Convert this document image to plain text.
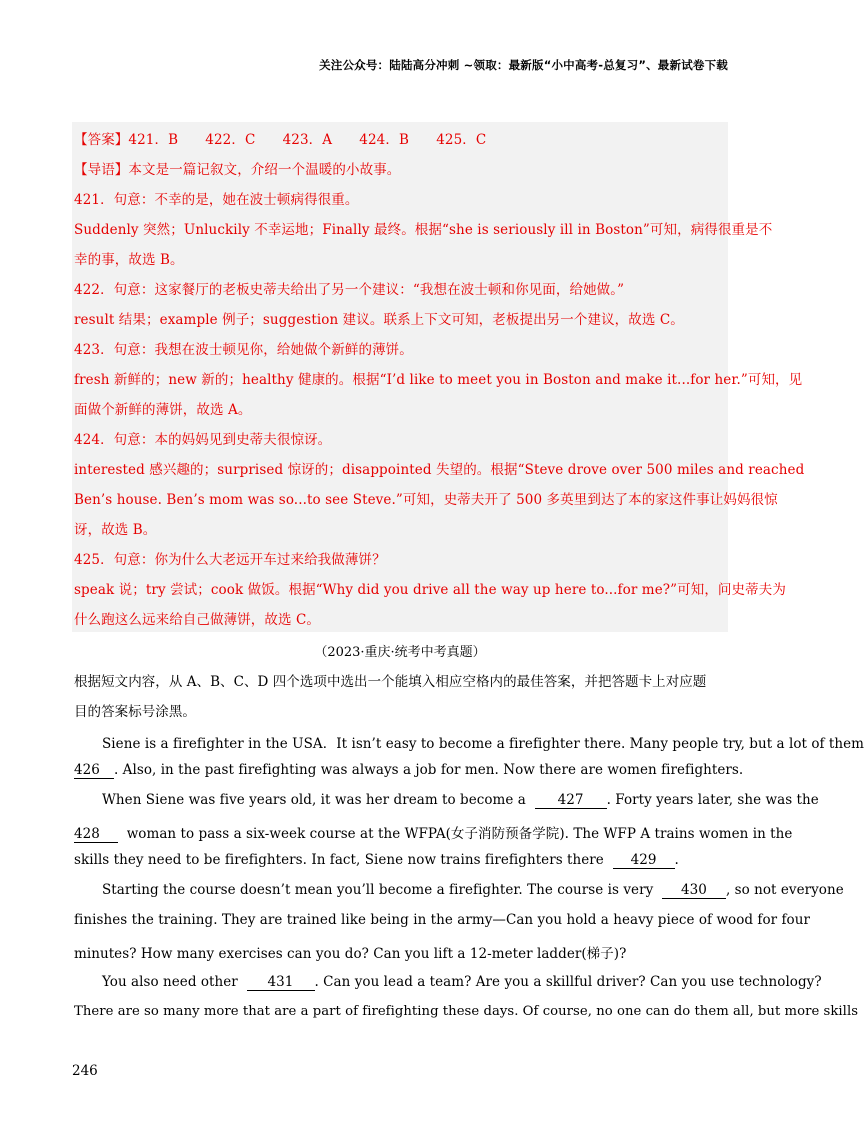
关注公众号：陆陆高分冲刺 ~领取：最新版“小中高考-总复习”、最新试卷下载
【答案】421．B　　422．C　　423．A　　424．B　　425．C
【导语】本文是一篇记叙文，介绍一个温暖的小故事。
421．句意：不幸的是，她在波士顿病得很重。
Suddenly 突然；Unluckily 不幸运地；Finally 最终。根据“she is seriously ill in Boston”可知，病得很重是不
幸的事，故选 B。
422．句意：这家餐厅的老板史蒂夫给出了另一个建议：“我想在波士顿和你见面，给她做。”
result 结果；example 例子；suggestion 建议。联系上下文可知，老板提出另一个建议，故选 C。
423．句意：我想在波士顿见你，给她做个新鲜的薄饼。
fresh 新鲜的；new 新的；healthy 健康的。根据“I’d like to meet you in Boston and make it...for her.”可知，见
面做个新鲜的薄饼，故选 A。
424．句意：本的妈妈见到史蒂夫很惊讶。
interested 感兴趣的；surprised 惊讶的；disappointed 失望的。根据“Steve drove over 500 miles and reached
Ben’s house. Ben’s mom was so...to see Steve.”可知，史蒂夫开了 500 多英里到达了本的家这件事让妈妈很惊
讶，故选 B。
425．句意：你为什么大老远开车过来给我做薄饼？
speak 说；try 尝试；cook 做饭。根据“Why did you drive all the way up here to...for me?”可知，问史蒂夫为
什么跑这么远来给自己做薄饼，故选 C。
（2023·重庆·统考中考真题）
根据短文内容，从 A、B、C、D 四个选项中选出一个能填入相应空格内的最佳答案，并把答题卡上对应题
目的答案标号涂黑。
Siene is a firefighter in the USA．It isn’t easy to become a firefighter there. Many people try, but a lot of them
426 . Also, in the past firefighting was always a job for men. Now there are women firefighters.
When Siene was five years old, it was her dream to become a 427 . Forty years later, she was the
428 woman to pass a six-week course at the WFPA(女子消防预备学院). The WFP A trains women in the
skills they need to be firefighters. In fact, Siene now trains firefighters there 429 .
Starting the course doesn’t mean you’ll become a firefighter. The course is very 430 , so not everyone
finishes the training. They are trained like being in the army—Can you hold a heavy piece of wood for four
minutes? How many exercises can you do? Can you lift a 12-meter ladder(梯子)?
You also need other 431 . Can you lead a team? Are you a skillful driver? Can you use technology?
There are so many more that are a part of firefighting these days. Of course, no one can do them all, but more skills
246
